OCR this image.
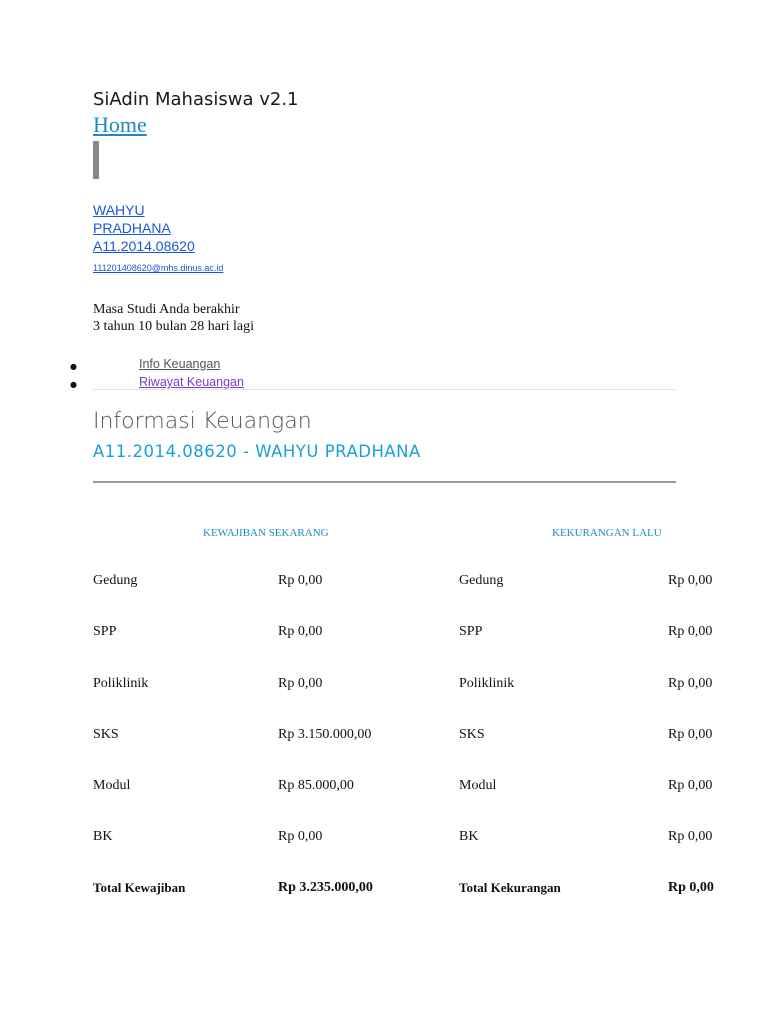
SiAdin Mahasiswa v2.1
Home
WAHYU
PRADHANA
A11.2014.08620
111201408620@mhs.dinus.ac.id
Masa Studi Anda berakhir
3 tahun 10 bulan 28 hari lagi
●	Info Keuangan
●	Riwayat Keuangan
Informasi Keuangan
A11.2014.08620 - WAHYU PRADHANA
KEWAJIBAN SEKARANG	KEKURANGAN LALU
Gedung	Rp 0,00	Gedung	Rp 0,00
SPP	Rp 0,00	SPP	Rp 0,00
Poliklinik	Rp 0,00	Poliklinik	Rp 0,00
SKS	Rp 3.150.000,00	SKS	Rp 0,00
Modul	Rp 85.000,00	Modul	Rp 0,00
BK	Rp 0,00	BK	Rp 0,00
Total Kewajiban	Rp 3.235.000,00	Total Kekurangan	Rp 0,00
